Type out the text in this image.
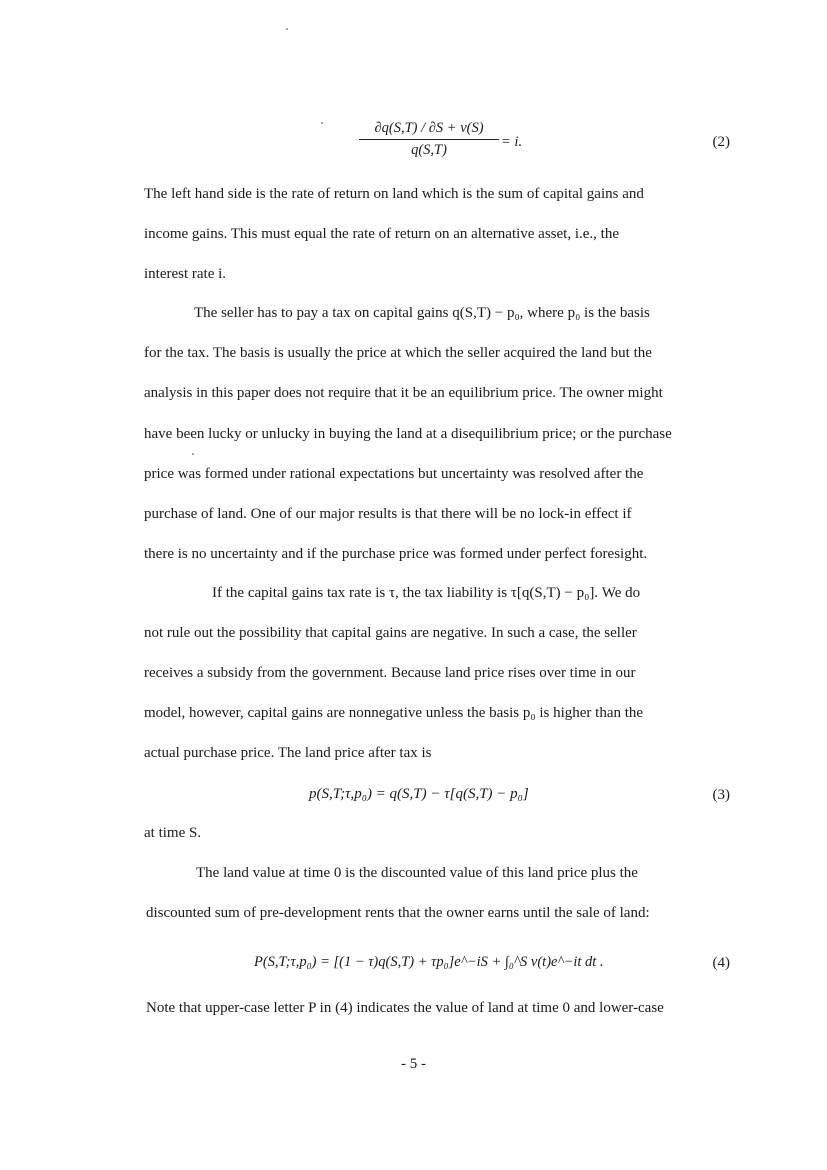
$\frac{\partial q(S,T) / \partial S + v(S)}{q(S,T)} = i$.	(2)
The left hand side is the rate of return on land which is the sum of capital gains and
income gains. This must equal the rate of return on an alternative asset, i.e., the
interest rate i.
The seller has to pay a tax on capital gains q(S,T) − p₀, where p₀ is the basis
for the tax. The basis is usually the price at which the seller acquired the land but the
analysis in this paper does not require that it be an equilibrium price. The owner might
have been lucky or unlucky in buying the land at a disequilibrium price; or the purchase
price was formed under rational expectations but uncertainty was resolved after the
purchase of land. One of our major results is that there will be no lock-in effect if
there is no uncertainty and if the purchase price was formed under perfect foresight.
If the capital gains tax rate is τ, the tax liability is τ[q(S,T) − p₀]. We do
not rule out the possibility that capital gains are negative. In such a case, the seller
receives a subsidy from the government. Because land price rises over time in our
model, however, capital gains are nonnegative unless the basis p₀ is higher than the
actual purchase price. The land price after tax is
p(S,T;τ,p₀) = q(S,T) − τ[q(S,T) − p₀]	(3)
at time S.
The land value at time 0 is the discounted value of this land price plus the
discounted sum of pre-development rents that the owner earns until the sale of land:
P(S,T;τ,p₀) = [(1 − τ)q(S,T) + τp₀]e^−iS + ∫₀^S v(t)e^−it dt .	(4)
Note that upper-case letter P in (4) indicates the value of land at time 0 and lower-case
- 5 -
